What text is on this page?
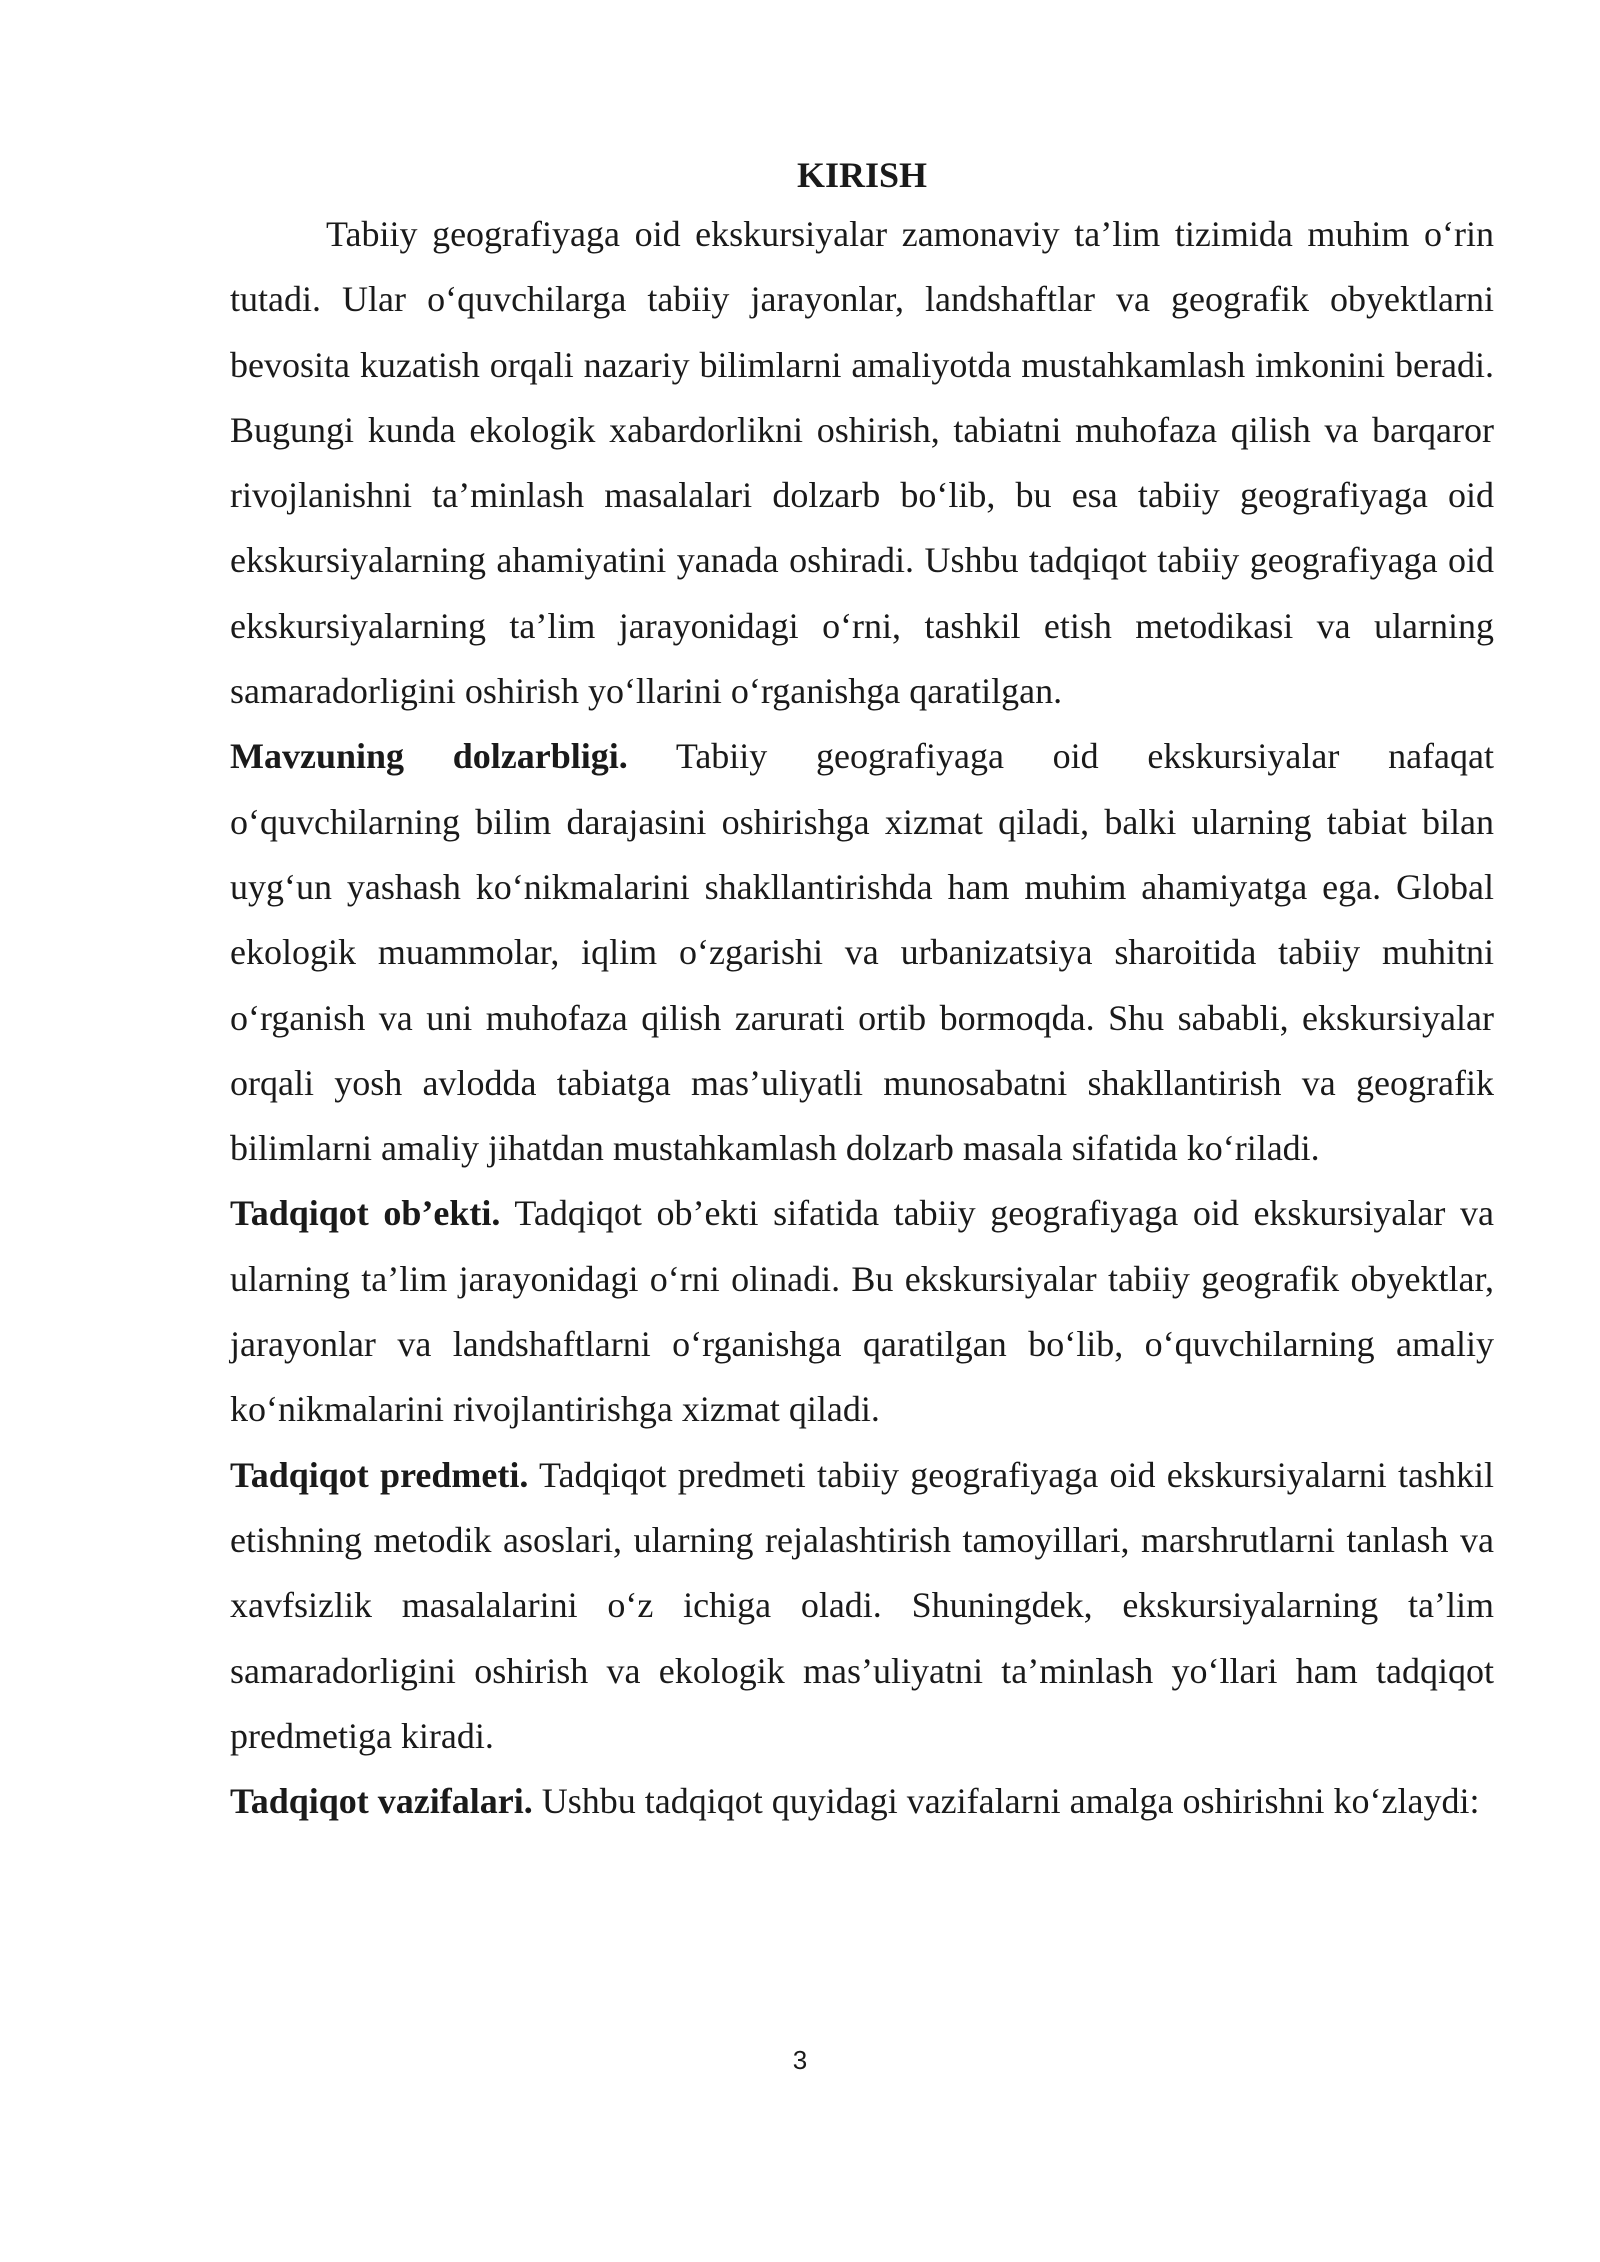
KIRISH

Tabiiy geografiyaga oid ekskursiyalar zamonaviy ta’lim tizimida muhim o‘rin tutadi. Ular o‘quvchilarga tabiiy jarayonlar, landshaftlar va geografik obyektlarni bevosita kuzatish orqali nazariy bilimlarni amaliyotda mustahkamlash imkonini beradi. Bugungi kunda ekologik xabardorlikni oshirish, tabiatni muhofaza qilish va barqaror rivojlanishni ta’minlash masalalari dolzarb bo‘lib, bu esa tabiiy geografiyaga oid ekskursiyalarning ahamiyatini yanada oshiradi. Ushbu tadqiqot tabiiy geografiyaga oid ekskursiyalarning ta’lim jarayonidagi o‘rni, tashkil etish metodikasi va ularning samaradorligini oshirish yo‘llarini o‘rganishga qaratilgan.

Mavzuning dolzarbligi. Tabiiy geografiyaga oid ekskursiyalar nafaqat o‘quvchilarning bilim darajasini oshirishga xizmat qiladi, balki ularning tabiat bilan uyg‘un yashash ko‘nikmalarini shakllantirishda ham muhim ahamiyatga ega. Global ekologik muammolar, iqlim o‘zgarishi va urbanizatsiya sharoitida tabiiy muhitni o‘rganish va uni muhofaza qilish zarurati ortib bormoqda. Shu sababli, ekskursiyalar orqali yosh avlodda tabiatga mas’uliyatli munosabatni shakllantirish va geografik bilimlarni amaliy jihatdan mustahkamlash dolzarb masala sifatida ko‘riladi.

Tadqiqot ob’ekti. Tadqiqot ob’ekti sifatida tabiiy geografiyaga oid ekskursiyalar va ularning ta’lim jarayonidagi o‘rni olinadi. Bu ekskursiyalar tabiiy geografik obyektlar, jarayonlar va landshaftlarni o‘rganishga qaratilgan bo‘lib, o‘quvchilarning amaliy ko‘nikmalarini rivojlantirishga xizmat qiladi.

Tadqiqot predmeti. Tadqiqot predmeti tabiiy geografiyaga oid ekskursiyalarni tashkil etishning metodik asoslari, ularning rejalashtirish tamoyillari, marshrutlarni tanlash va xavfsizlik masalalarini o‘z ichiga oladi. Shuningdek, ekskursiyalarning ta’lim samaradorligini oshirish va ekologik mas’uliyatni ta’minlash yo‘llari ham tadqiqot predmetiga kiradi.

Tadqiqot vazifalari. Ushbu tadqiqot quyidagi vazifalarni amalga oshirishni ko‘zlaydi:

3
